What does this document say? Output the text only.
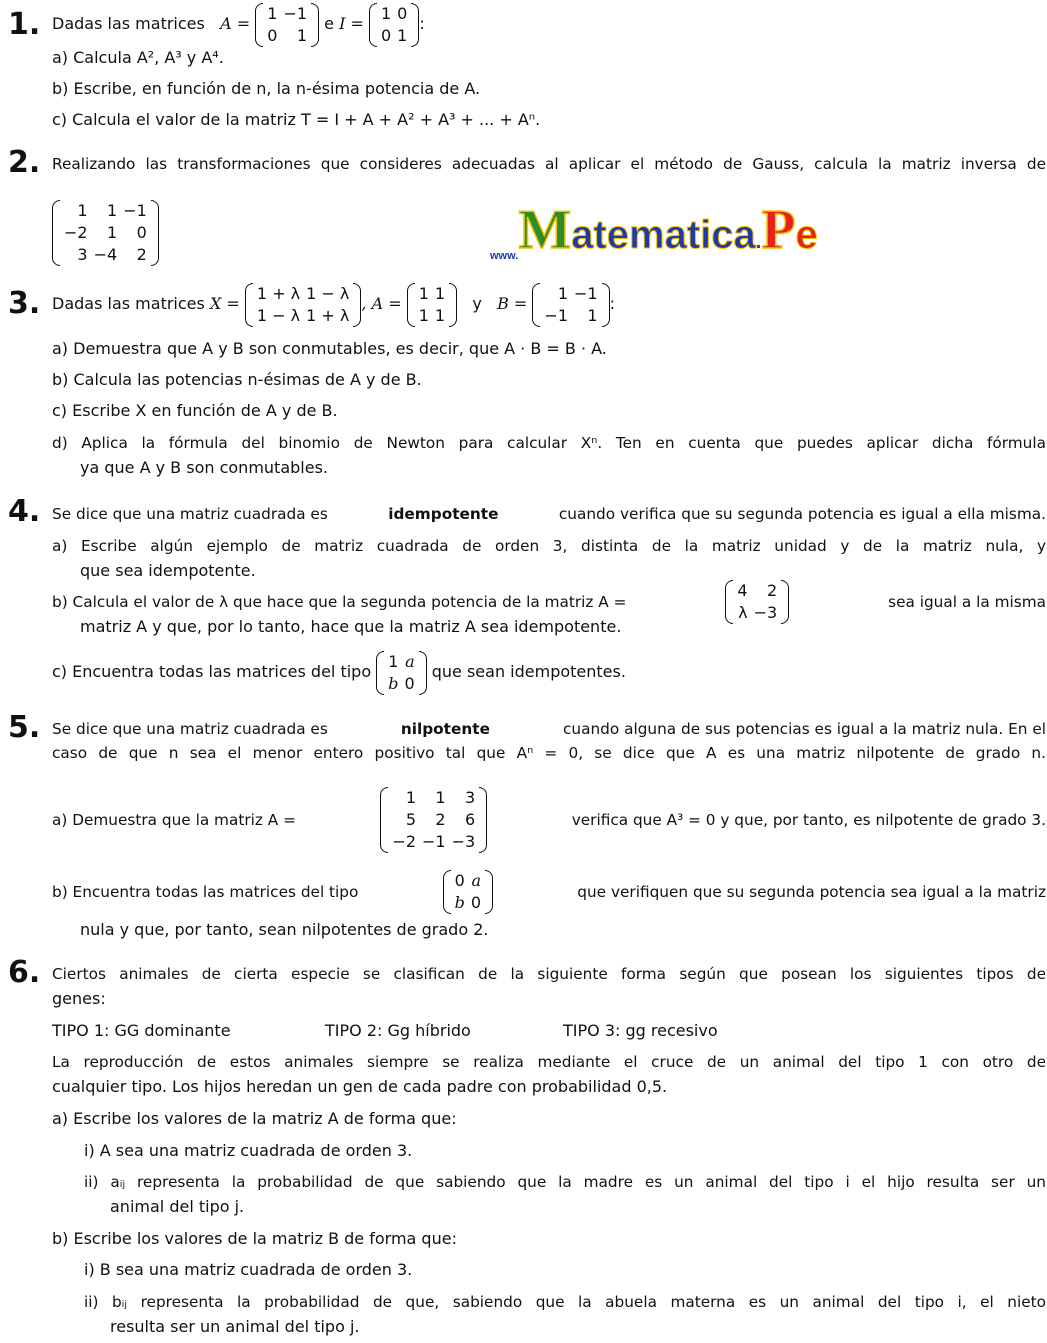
1. Dadas las matrices A =
1	−1
0	1
e I =
1	0
0	1
:
a) Calcula A², A³ y A⁴.
b) Escribe, en función de n, la n-ésima potencia de A.
c) Calcula el valor de la matriz T = I + A + A² + A³ + ... + Aⁿ.
2. Realizando las transformaciones que consideres adecuadas al aplicar el método de Gauss, calcula la matriz inversa de
1	1	−1
−2	1	0
3	−4	2	www.Matematica.Pe
3. Dadas las matrices X =
1 + λ	1 − λ
1 − λ	1 + λ
, A =
1	1
1	1
y B =
1	−1
−1	1
:
a) Demuestra que A y B son conmutables, es decir, que A · B = B · A.
b) Calcula las potencias n-ésimas de A y de B.
c) Escribe X en función de A y de B.
d) Aplica la fórmula del binomio de Newton para calcular Xⁿ. Ten en cuenta que puedes aplicar dicha fórmula
ya que A y B son conmutables.
4. Se dice que una matriz cuadrada es	idempotente	cuando verifica que su segunda potencia es igual a ella misma.
a) Escribe algún ejemplo de matriz cuadrada de orden 3, distinta de la matriz unidad y de la matriz nula, y
que sea idempotente.
b) Calcula el valor de λ que hace que la segunda potencia de la matriz A =
4	2
λ	−3
sea igual a la misma
matriz A y que, por lo tanto, hace que la matriz A sea idempotente.
c) Encuentra todas las matrices del tipo
1	a
b	0
que sean idempotentes.
5. Se dice que una matriz cuadrada es	nilpotente	cuando alguna de sus potencias es igual a la matriz nula. En el
caso de que n sea el menor entero positivo tal que Aⁿ = 0, se dice que A es una matriz nilpotente de grado n.
a) Demuestra que la matriz A =
1	1	3
5	2	6
−2	−1	−3
verifica que A³ = 0 y que, por tanto, es nilpotente de grado 3.
b) Encuentra todas las matrices del tipo
0	a
b	0
que verifiquen que su segunda potencia sea igual a la matriz
nula y que, por tanto, sean nilpotentes de grado 2.
6. Ciertos animales de cierta especie se clasifican de la siguiente forma según que posean los siguientes tipos de
genes:
TIPO 1: GG dominante	TIPO 2: Gg híbrido	TIPO 3: gg recesivo
La reproducción de estos animales siempre se realiza mediante el cruce de un animal del tipo 1 con otro de
cualquier tipo. Los hijos heredan un gen de cada padre con probabilidad 0,5.
a) Escribe los valores de la matriz A de forma que:
i) A sea una matriz cuadrada de orden 3.
ii) aᵢⱼ representa la probabilidad de que sabiendo que la madre es un animal del tipo i el hijo resulta ser un
animal del tipo j.
b) Escribe los valores de la matriz B de forma que:
i) B sea una matriz cuadrada de orden 3.
ii) bᵢⱼ representa la probabilidad de que, sabiendo que la abuela materna es un animal del tipo i, el nieto
resulta ser un animal del tipo j.
